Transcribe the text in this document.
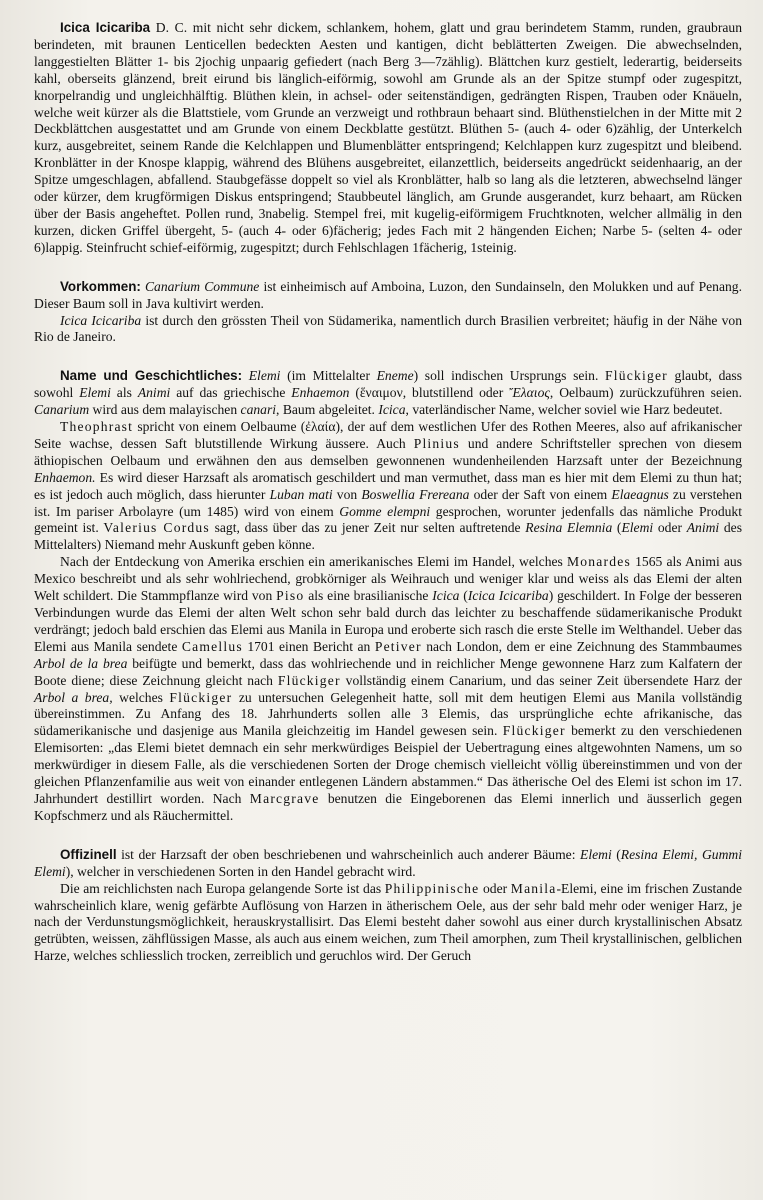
Icica Icicariba D. C. mit nicht sehr dickem, schlankem, hohem, glatt und grau berindetem Stamm, runden, graubraun berindeten, mit braunen Lenticellen bedeckten Aesten und kantigen, dicht beblätterten Zweigen. Die abwechselnden, langgestielten Blätter 1- bis 2jochig unpaarig gefiedert (nach Berg 3—7zählig). Blättchen kurz gestielt, lederartig, beiderseits kahl, oberseits glänzend, breit eirund bis länglich-eiförmig, sowohl am Grunde als an der Spitze stumpf oder zugespitzt, knorpelrandig und ungleichhälftig. Blüthen klein, in achsel- oder seitenständigen, gedrängten Rispen, Trauben oder Knäueln, welche weit kürzer als die Blattstiele, vom Grunde an verzweigt und rothbraun behaart sind. Blüthenstielchen in der Mitte mit 2 Deckblättchen ausgestattet und am Grunde von einem Deckblatte gestützt. Blüthen 5- (auch 4- oder 6)zählig, der Unterkelch kurz, ausgebreitet, seinem Rande die Kelchlappen und Blumenblätter entspringend; Kelchlappen kurz zugespitzt und bleibend. Kronblätter in der Knospe klappig, während des Blühens ausgebreitet, eilanzettlich, beiderseits angedrückt seidenhaarig, an der Spitze umgeschlagen, abfallend. Staubgefässe doppelt so viel als Kronblätter, halb so lang als die letzteren, abwechselnd länger oder kürzer, dem krugförmigen Diskus entspringend; Staubbeutel länglich, am Grunde ausgerandet, kurz behaart, am Rücken über der Basis angeheftet. Pollen rund, 3nabelig. Stempel frei, mit kugelig-eiförmigem Fruchtknoten, welcher allmälig in den kurzen, dicken Griffel übergeht, 5- (auch 4- oder 6)fächerig; jedes Fach mit 2 hängenden Eichen; Narbe 5- (selten 4- oder 6)lappig. Steinfrucht schief-eiförmig, zugespitzt; durch Fehlschlagen 1fächerig, 1steinig.

Vorkommen: Canarium Commune ist einheimisch auf Amboina, Luzon, den Sundainseln, den Molukken und auf Penang. Dieser Baum soll in Java kultivirt werden.

Icica Icicariba ist durch den grössten Theil von Südamerika, namentlich durch Brasilien verbreitet; häufig in der Nähe von Rio de Janeiro.

Name und Geschichtliches: Elemi (im Mittelalter Eneme) soll indischen Ursprungs sein. Flückiger glaubt, dass sowohl Elemi als Animi auf das griechische Enhaemon (ἕναιμον, blutstillend oder Ἔλαιος, Oelbaum) zurückzuführen seien. Canarium wird aus dem malayischen canari, Baum abgeleitet. Icica, vaterländischer Name, welcher soviel wie Harz bedeutet.

Theophrast spricht von einem Oelbaume (ἐλαία), der auf dem westlichen Ufer des Rothen Meeres, also auf afrikanischer Seite wachse, dessen Saft blutstillende Wirkung äussere. Auch Plinius und andere Schriftsteller sprechen von diesem äthiopischen Oelbaum und erwähnen den aus demselben gewonnenen wundenheilenden Harzsaft unter der Bezeichnung Enhaemon. Es wird dieser Harzsaft als aromatisch geschildert und man vermuthet, dass man es hier mit dem Elemi zu thun hat; es ist jedoch auch möglich, dass hierunter Luban mati von Boswellia Frereana oder der Saft von einem Elaeagnus zu verstehen ist. Im pariser Arbolayre (um 1485) wird von einem Gomme elempni gesprochen, worunter jedenfalls das nämliche Produkt gemeint ist. Valerius Cordus sagt, dass über das zu jener Zeit nur selten auftretende Resina Elemnia (Elemi oder Animi des Mittelalters) Niemand mehr Auskunft geben könne.

Nach der Entdeckung von Amerika erschien ein amerikanisches Elemi im Handel, welches Monardes 1565 als Animi aus Mexico beschreibt und als sehr wohlriechend, grobkörniger als Weihrauch und weniger klar und weiss als das Elemi der alten Welt schildert. Die Stammpflanze wird von Piso als eine brasilianische Icica (Icica Icicariba) geschildert. In Folge der besseren Verbindungen wurde das Elemi der alten Welt schon sehr bald durch das leichter zu beschaffende südamerikanische Produkt verdrängt; jedoch bald erschien das Elemi aus Manila in Europa und eroberte sich rasch die erste Stelle im Welthandel. Ueber das Elemi aus Manila sendete Camellus 1701 einen Bericht an Petiver nach London, dem er eine Zeichnung des Stammbaumes Arbol de la brea beifügte und bemerkt, dass das wohlriechende und in reichlicher Menge gewonnene Harz zum Kalfatern der Boote diene; diese Zeichnung gleicht nach Flückiger vollständig einem Canarium, und das seiner Zeit übersendete Harz der Arbol a brea, welches Flückiger zu untersuchen Gelegenheit hatte, soll mit dem heutigen Elemi aus Manila vollständig übereinstimmen. Zu Anfang des 18. Jahrhunderts sollen alle 3 Elemis, das ursprüngliche echte afrikanische, das südamerikanische und dasjenige aus Manila gleichzeitig im Handel gewesen sein. Flückiger bemerkt zu den verschiedenen Elemisorten: „das Elemi bietet demnach ein sehr merkwürdiges Beispiel der Uebertragung eines altgewohnten Namens, um so merkwürdiger in diesem Falle, als die verschiedenen Sorten der Droge chemisch vielleicht völlig übereinstimmen und von der gleichen Pflanzenfamilie aus weit von einander entlegenen Ländern abstammen.“ Das ätherische Oel des Elemi ist schon im 17. Jahrhundert destillirt worden. Nach Marcgrave benutzen die Eingeborenen das Elemi innerlich und äusserlich gegen Kopfschmerz und als Räuchermittel.

Offizinell ist der Harzsaft der oben beschriebenen und wahrscheinlich auch anderer Bäume: Elemi (Resina Elemi, Gummi Elemi), welcher in verschiedenen Sorten in den Handel gebracht wird.

Die am reichlichsten nach Europa gelangende Sorte ist das Philippinische oder Manila-Elemi, eine im frischen Zustande wahrscheinlich klare, wenig gefärbte Auflösung von Harzen in ätherischem Oele, aus der sehr bald mehr oder weniger Harz, je nach der Verdunstungsmöglichkeit, herauskrystallisirt. Das Elemi besteht daher sowohl aus einer durch krystallinischen Absatz getrübten, weissen, zähflüssigen Masse, als auch aus einem weichen, zum Theil amorphen, zum Theil krystallinischen, gelblichen Harze, welches schliesslich trocken, zerreiblich und geruchlos wird. Der Geruch
